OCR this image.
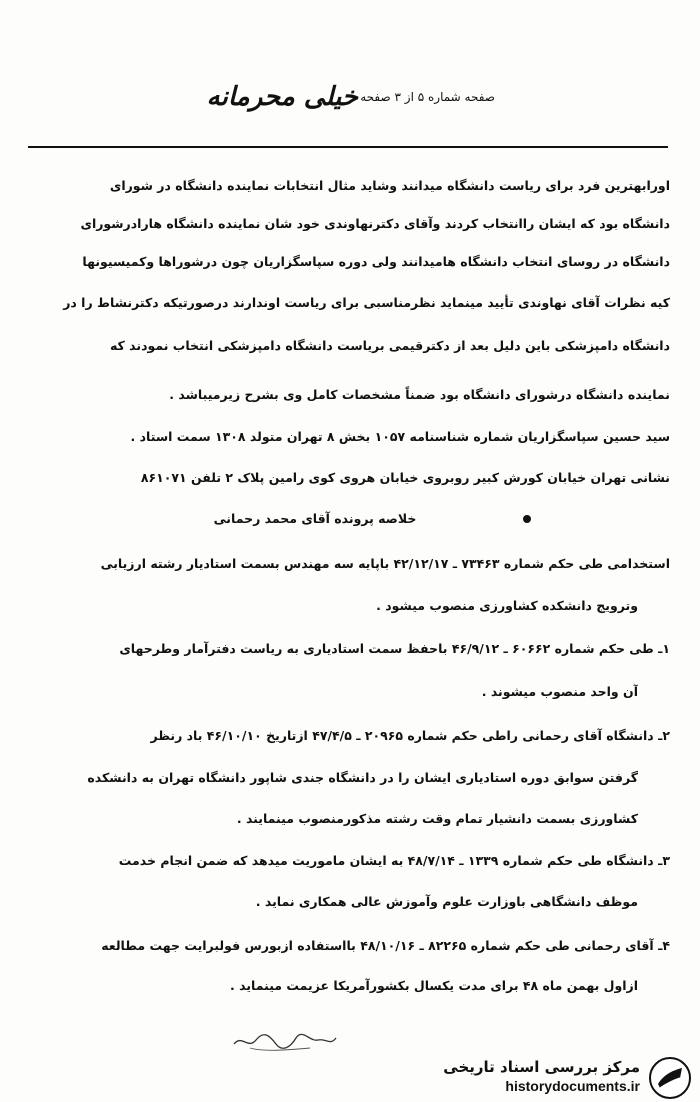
صفحه شماره ۵ از ۳ صفحه
خیلی محرمانه
اورابهترین فرد برای ریاست دانشگاه میدانند وشاید مثال انتخابات نماینده دانشگاه در شورای
دانشگاه بود که ایشان راانتخاب کردند وآقای دکترنهاوندی خود شان نماینده دانشگاه هارادرشورای
دانشگاه در روسای انتخاب دانشگاه هامیدانند ولی دوره سپاسگزاریان چون درشوراها وکمیسیونها
کیه نظرات آقای نهاوندی تأیید مینماید نظرمناسبی برای ریاست اوندارند درصورتیکه دکترنشاط را در
دانشگاه دامپزشکی باین دلیل بعد از دکترقیمی بریاست دانشگاه دامپزشکی انتخاب نمودند که
نماینده دانشگاه درشورای دانشگاه بود ضمناً مشخصات کامل وی بشرح زیرمیباشد .
سید حسین سپاسگزاریان شماره شناسنامه ۱۰۵۷ بخش ۸ تهران متولد ۱۳۰۸ سمت استاد .
نشانی تهران خیابان کورش کبیر روبروی خیابان هروی کوی رامین پلاک ۲ تلفن ۸۶۱۰۷۱
خلاصه پرونده آقای محمد رحمانی
استخدامی طی حکم شماره ۷۳۴۶۳ ـ ۴۲/۱۲/۱۷ باپایه سه مهندس بسمت استادیار رشته ارزیابی
وترویج دانشکده کشاورزی منصوب میشود .
۱ـ طی حکم شماره ۶۰۶۶۲ ـ ۴۶/۹/۱۲ باحفظ سمت استادیاری به ریاست دفترآمار وطرحهای
آن واحد منصوب میشوند .
۲ـ دانشگاه آقای رحمانی راطی حکم شماره ۲۰۹۶۵ ـ ۴۷/۴/۵ ازتاریخ ۴۶/۱۰/۱۰ باد رنظر
گرفتن سوابق دوره استادیاری ایشان را در دانشگاه جندی شاپور دانشگاه تهران به دانشکده
کشاورزی بسمت دانشیار تمام وقت رشته مذکورمنصوب مینمایند .
۳ـ دانشگاه طی حکم شماره ۱۳۳۹ ـ ۴۸/۷/۱۴ به ایشان ماموریت میدهد که ضمن انجام خدمت
موظف دانشگاهی باوزارت علوم وآموزش عالی همکاری نماید .
۴ـ آقای رحمانی طی حکم شماره ۸۲۲۶۵ ـ ۴۸/۱۰/۱۶ بااستفاده ازبورس فولبرایت جهت مطالعه
ازاول بهمن ماه ۴۸ برای مدت یکسال بکشورآمریکا عزیمت مینماید .
مرکز بررسی اسناد تاریخی
historydocuments.ir
